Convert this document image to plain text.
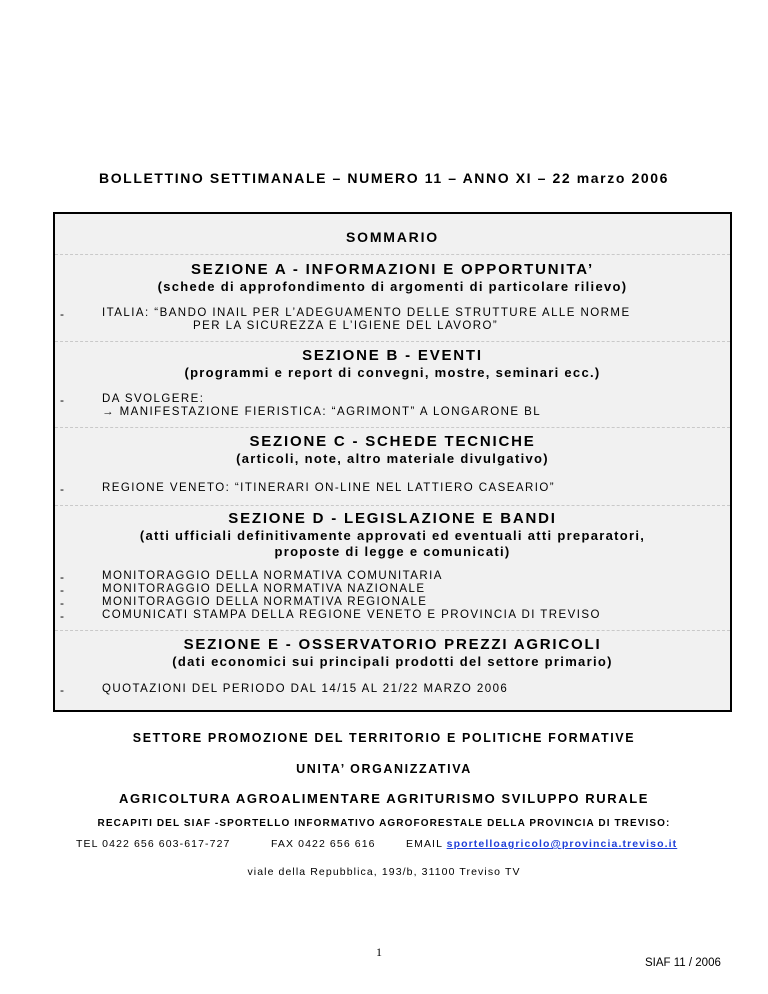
BOLLETTINO SETTIMANALE – NUMERO 11 – ANNO XI – 22 marzo 2006
SOMMARIO
SEZIONE A - INFORMAZIONI E OPPORTUNITA’
(schede di approfondimento di argomenti di particolare rilievo)
-	ITALIA: “BANDO INAIL PER L’ADEGUAMENTO DELLE STRUTTURE ALLE NORME
PER LA SICUREZZA E L’IGIENE DEL LAVORO”
SEZIONE B - EVENTI
(programmi e report di convegni, mostre, seminari ecc.)
-	DA SVOLGERE:
→ MANIFESTAZIONE FIERISTICA: “AGRIMONT” A LONGARONE BL
SEZIONE C - SCHEDE TECNICHE
(articoli, note, altro materiale divulgativo)
-	REGIONE VENETO: “ITINERARI ON-LINE NEL LATTIERO CASEARIO”
SEZIONE D - LEGISLAZIONE E BANDI
(atti ufficiali definitivamente approvati ed eventuali atti preparatori,
proposte di legge e comunicati)
-	MONITORAGGIO DELLA NORMATIVA COMUNITARIA
-	MONITORAGGIO DELLA NORMATIVA NAZIONALE
-	MONITORAGGIO DELLA NORMATIVA REGIONALE
-	COMUNICATI STAMPA DELLA REGIONE VENETO E PROVINCIA DI TREVISO
SEZIONE E - OSSERVATORIO PREZZI AGRICOLI
(dati economici sui principali prodotti del settore primario)
-	QUOTAZIONI DEL PERIODO DAL 14/15 AL 21/22 MARZO 2006
SETTORE PROMOZIONE DEL TERRITORIO E POLITICHE FORMATIVE
UNITA’ ORGANIZZATIVA
AGRICOLTURA AGROALIMENTARE AGRITURISMO SVILUPPO RURALE
RECAPITI DEL SIAF -SPORTELLO INFORMATIVO AGROFORESTALE DELLA PROVINCIA DI TREVISO:
TEL 0422 656 603-617-727	FAX 0422 656 616	EMAIL sportelloagricolo@provincia.treviso.it
viale della Repubblica, 193/b, 31100 Treviso TV
1
SIAF 11 / 2006
